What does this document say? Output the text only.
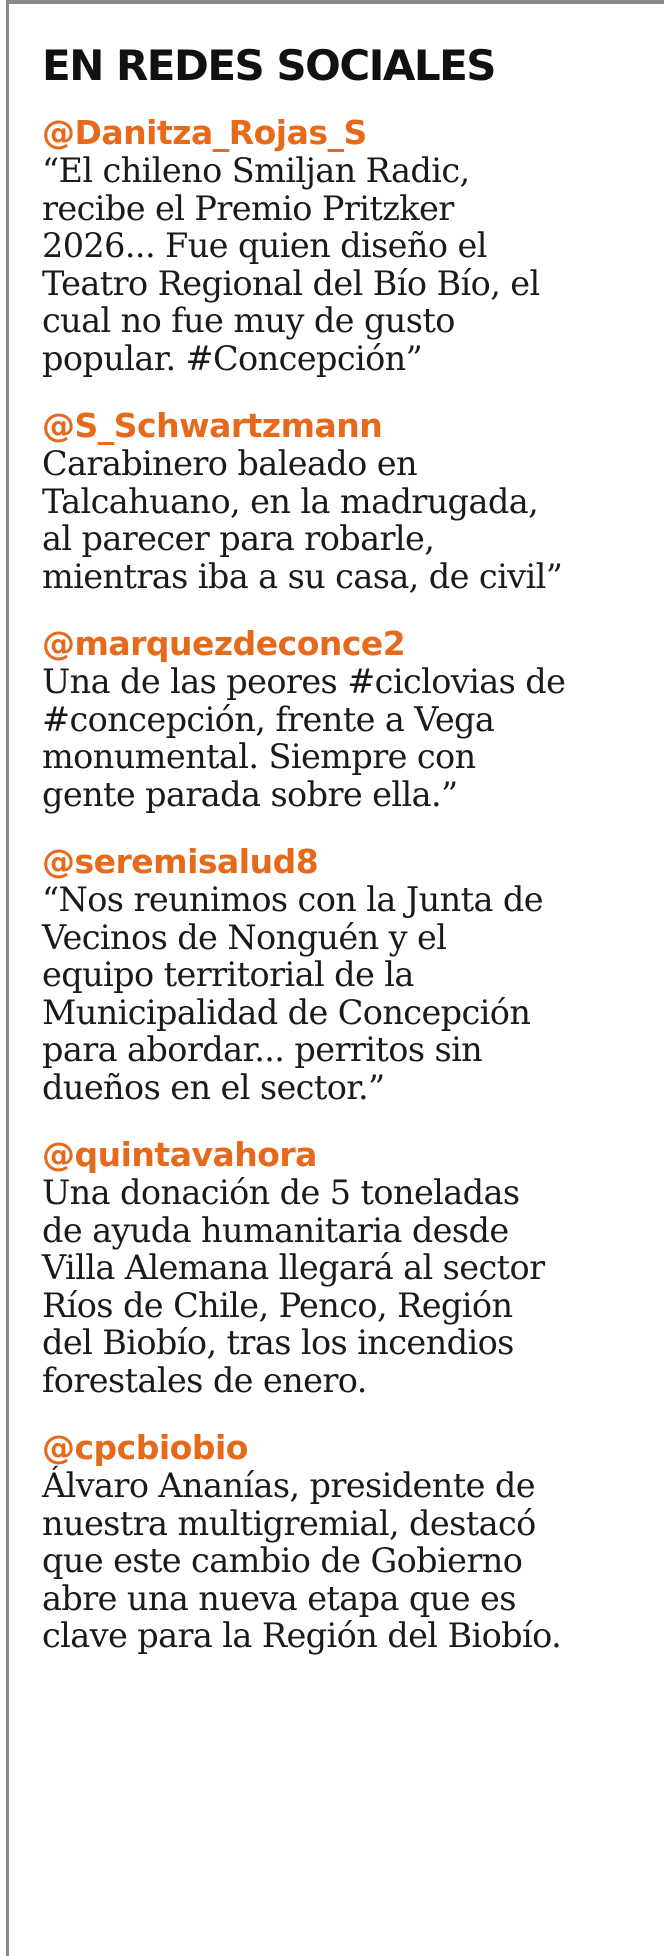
EN REDES SOCIALES

@Danitza_Rojas_S

“El chileno Smiljan Radic,
recibe el Premio Pritzker
2026... Fue quien diseño el
Teatro Regional del Bío Bío, el
cual no fue muy de gusto
popular. #Concepción”

@S_Schwartzmann

Carabinero baleado en
Talcahuano, en la madrugada,
al parecer para robarle,
mientras iba a su casa, de civil”

@marquezdeconce2

Una de las peores #ciclovias de
#concepción, frente a Vega
monumental. Siempre con
gente parada sobre ella.”

@seremisalud8

“Nos reunimos con la Junta de
Vecinos de Nonguén y el
equipo territorial de la
Municipalidad de Concepción
para abordar... perritos sin
dueños en el sector.”

@quintavahora

Una donación de 5 toneladas
de ayuda humanitaria desde
Villa Alemana llegará al sector
Ríos de Chile, Penco, Región
del Biobío, tras los incendios
forestales de enero.

@cpcbiobio

Álvaro Ananías, presidente de
nuestra multigremial, destacó
que este cambio de Gobierno
abre una nueva etapa que es
clave para la Región del Biobío.
